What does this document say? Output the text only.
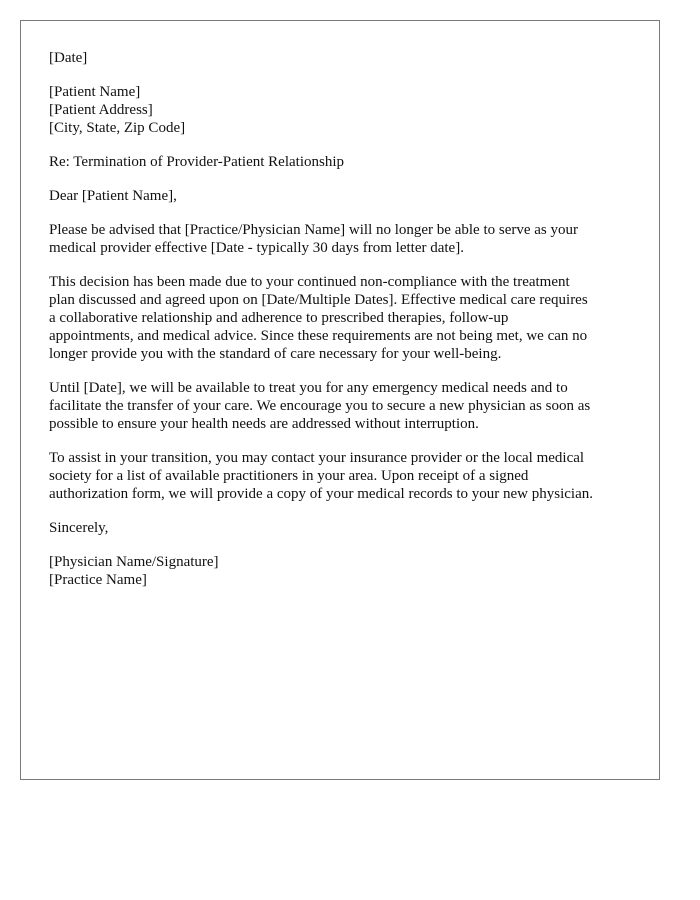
[Date]
[Patient Name]
[Patient Address]
[City, State, Zip Code]
Re: Termination of Provider-Patient Relationship
Dear [Patient Name],
Please be advised that [Practice/Physician Name] will no longer be able to serve as your
medical provider effective [Date - typically 30 days from letter date].
This decision has been made due to your continued non-compliance with the treatment
plan discussed and agreed upon on [Date/Multiple Dates]. Effective medical care requires
a collaborative relationship and adherence to prescribed therapies, follow-up
appointments, and medical advice. Since these requirements are not being met, we can no
longer provide you with the standard of care necessary for your well-being.
Until [Date], we will be available to treat you for any emergency medical needs and to
facilitate the transfer of your care. We encourage you to secure a new physician as soon as
possible to ensure your health needs are addressed without interruption.
To assist in your transition, you may contact your insurance provider or the local medical
society for a list of available practitioners in your area. Upon receipt of a signed
authorization form, we will provide a copy of your medical records to your new physician.
Sincerely,
[Physician Name/Signature]
[Practice Name]
